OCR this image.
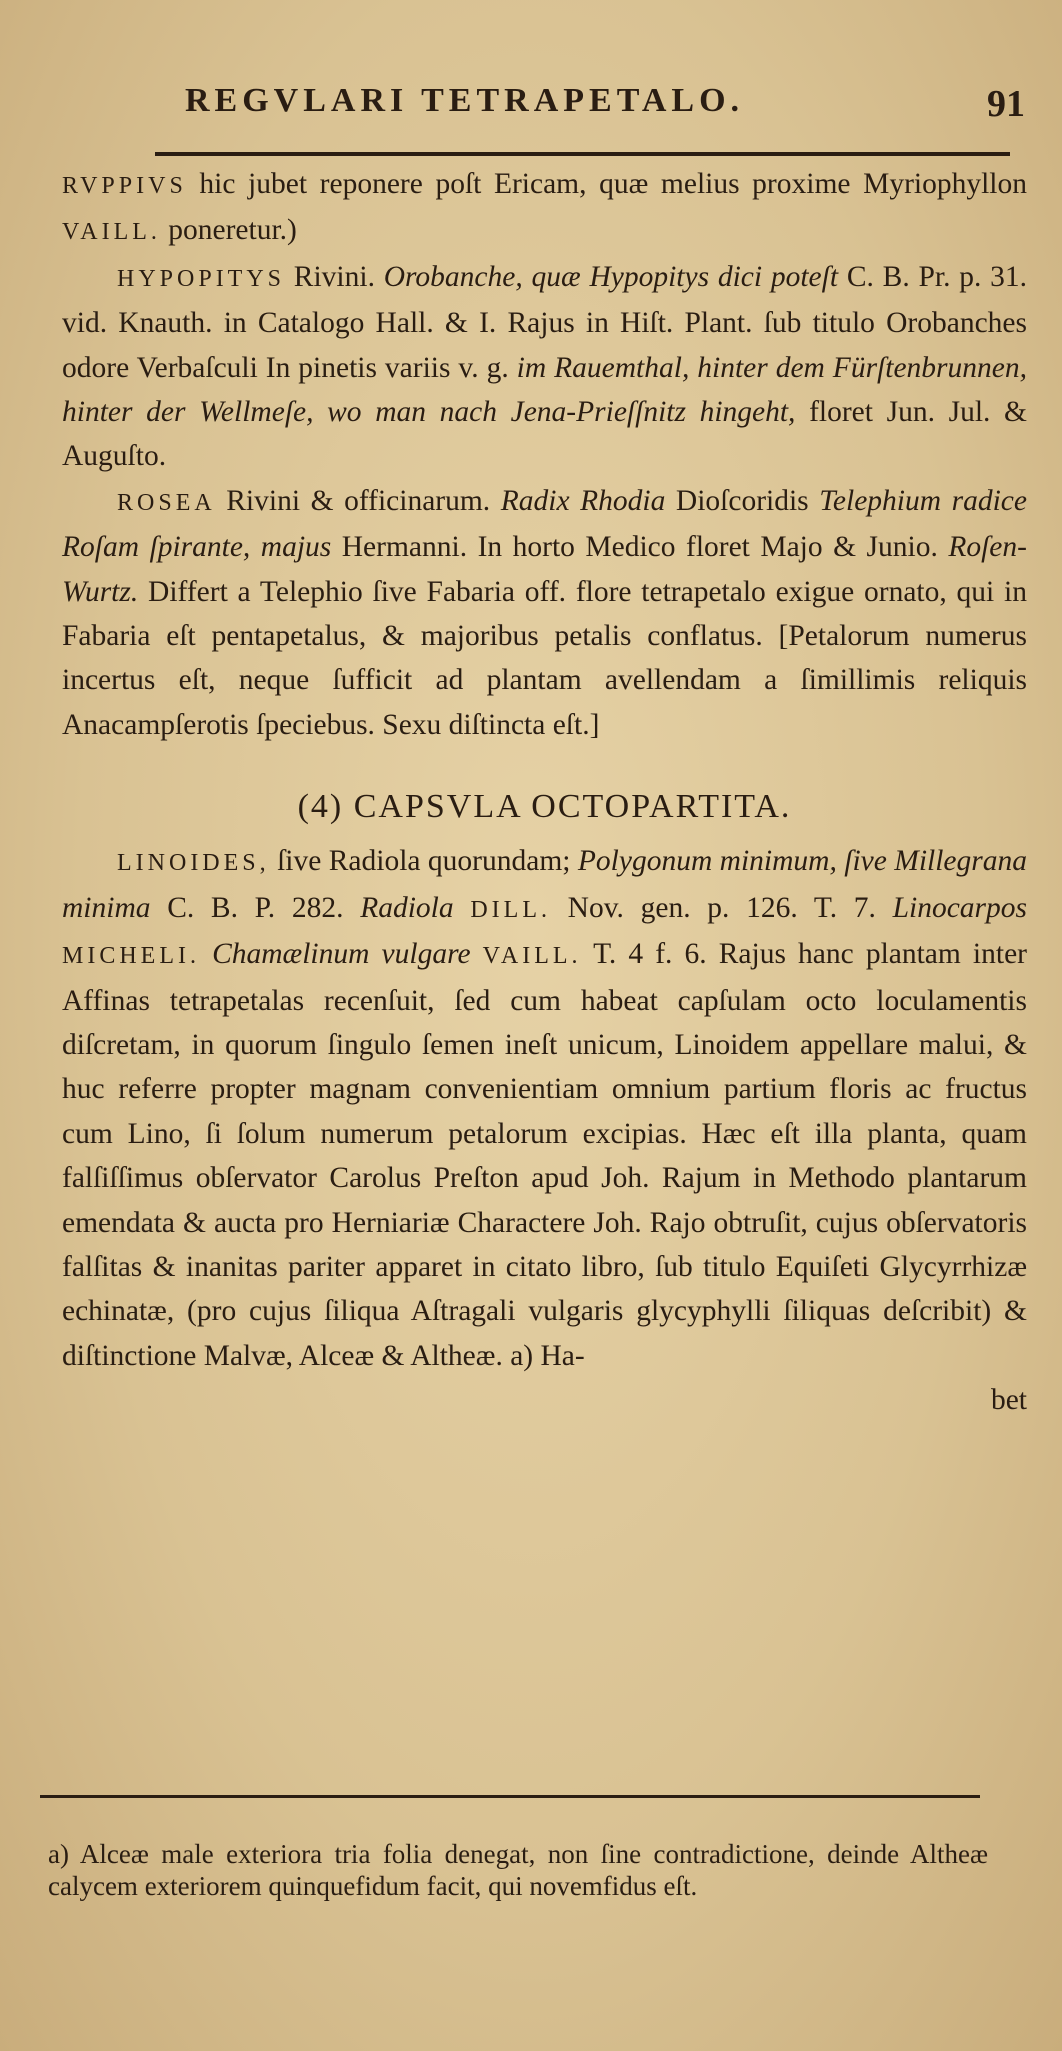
REGVLARI TETRAPETALO.	91

RVPPIVS hic jubet reponere poſt Ericam, quæ melius proxime Myriophyllon VAILL. poneretur.)

HYPOPITYS Rivini. Orobanche, quæ Hypopitys dici poteſt C. B. Pr. p. 31. vid. Knauth. in Catalogo Hall. & I. Rajus in Hiſt. Plant. ſub titulo Orobanches odore Verbaſculi In pinetis variis v. g. im Rauemthal, hinter dem Fürſtenbrunnen, hinter der Wellmeſe, wo man nach Jena-Prieſſnitz hingeht, floret Jun. Jul. & Auguſto.

ROSEA Rivini & officinarum. Radix Rhodia Dioſcoridis Telephium radice Roſam ſpirante, majus Hermanni. In horto Medico floret Majo & Junio. Roſen-Wurtz. Differt a Telephio ſive Fabaria off. flore tetrapetalo exigue ornato, qui in Fabaria eſt pentapetalus, & majoribus petalis conflatus. [Petalorum numerus incertus eſt, neque ſufficit ad plantam avellendam a ſimillimis reliquis Anacampſerotis ſpeciebus. Sexu diſtincta eſt.]

(4) CAPSVLA OCTOPARTITA.

LINOIDES, ſive Radiola quorundam; Polygonum minimum, ſive Millegrana minima C. B. P. 282. Radiola DILL. Nov. gen. p. 126. T. 7. Linocarpos MICHELI. Chamælinum vulgare VAILL. T. 4 f. 6. Rajus hanc plantam inter Affinas tetrapetalas recenſuit, ſed cum habeat capſulam octo loculamentis diſcretam, in quorum ſingulo ſemen ineſt unicum, Linoidem appellare malui, & huc referre propter magnam convenientiam omnium partium floris ac fructus cum Lino, ſi ſolum numerum petalorum excipias. Hæc eſt illa planta, quam falſiſſimus obſervator Carolus Preſton apud Joh. Rajum in Methodo plantarum emendata & aucta pro Herniariæ Charactere Joh. Rajo obtruſit, cujus obſervatoris falſitas & inanitas pariter apparet in citato libro, ſub titulo Equiſeti Glycyrrhizæ echinatæ, (pro cujus ſiliqua Aſtragali vulgaris glycyphylli ſiliquas deſcribit) & diſtinctione Malvæ, Alceæ & Altheæ. a) Ha-

bet

a) Alceæ male exteriora tria folia denegat, non ſine contradictione, deinde Altheæ calycem exteriorem quinquefidum facit, qui novemfidus eſt.
